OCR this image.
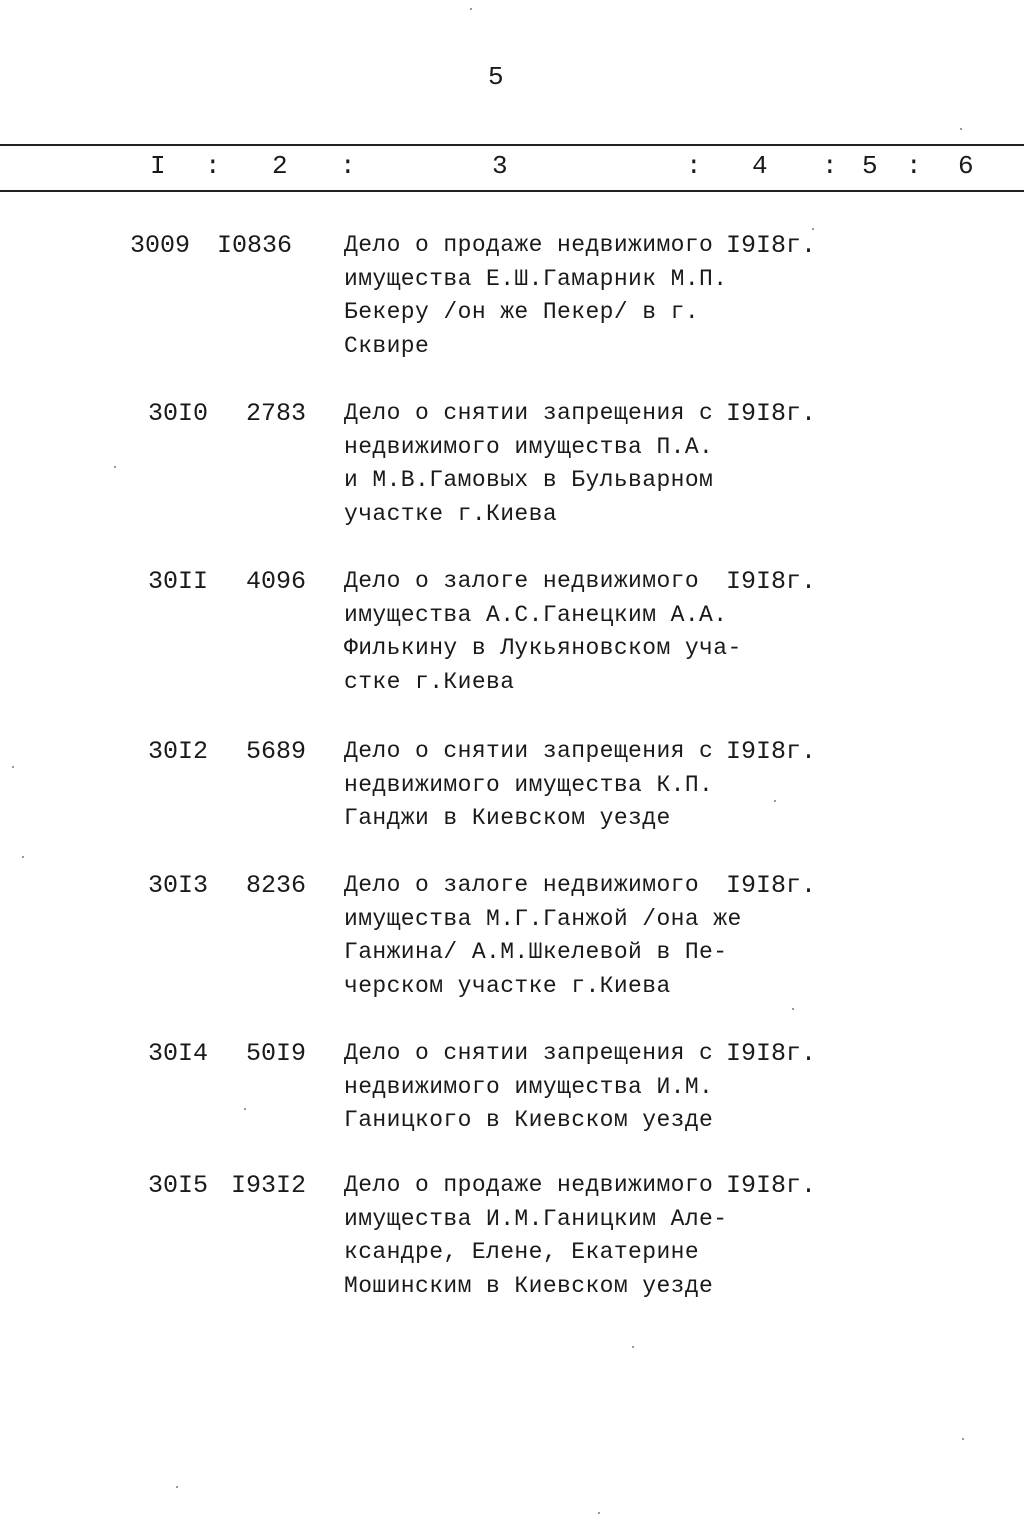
5
I : 2 :	3	: 4 : 5 : 6
3009	I0836 Дело о продаже недвижимого
имущества Е.Ш.Гамарник М.П.
Бекеру /он же Пекер/ в г.
Сквире
I9I8г.
30I0	2783 Дело о снятии запрещения с
недвижимого имущества П.А.
и М.В.Гамовых в Бульварном
участке г.Киева
I9I8г.
30II	4096 Дело о залоге недвижимого
имущества А.С.Ганецким А.А.
Филькину в Лукьяновском уча-
стке г.Киева
I9I8г.
30I2	5689 Дело о снятии запрещения с
недвижимого имущества К.П.
Ганджи в Киевском уезде
I9I8г.
30I3	8236 Дело о залоге недвижимого
имущества М.Г.Ганжой /она же
Ганжина/ А.М.Шкелевой в Пе-
черском участке г.Киева
I9I8г.
30I4	50I9 Дело о снятии запрещения с
недвижимого имущества И.М.
Ганицкого в Киевском уезде
I9I8г.
30I5 I93I2 Дело о продаже недвижимого
имущества И.М.Ганицким Але-
ксандре, Елене, Екатерине
Мошинским в Киевском уезде
I9I8г.
